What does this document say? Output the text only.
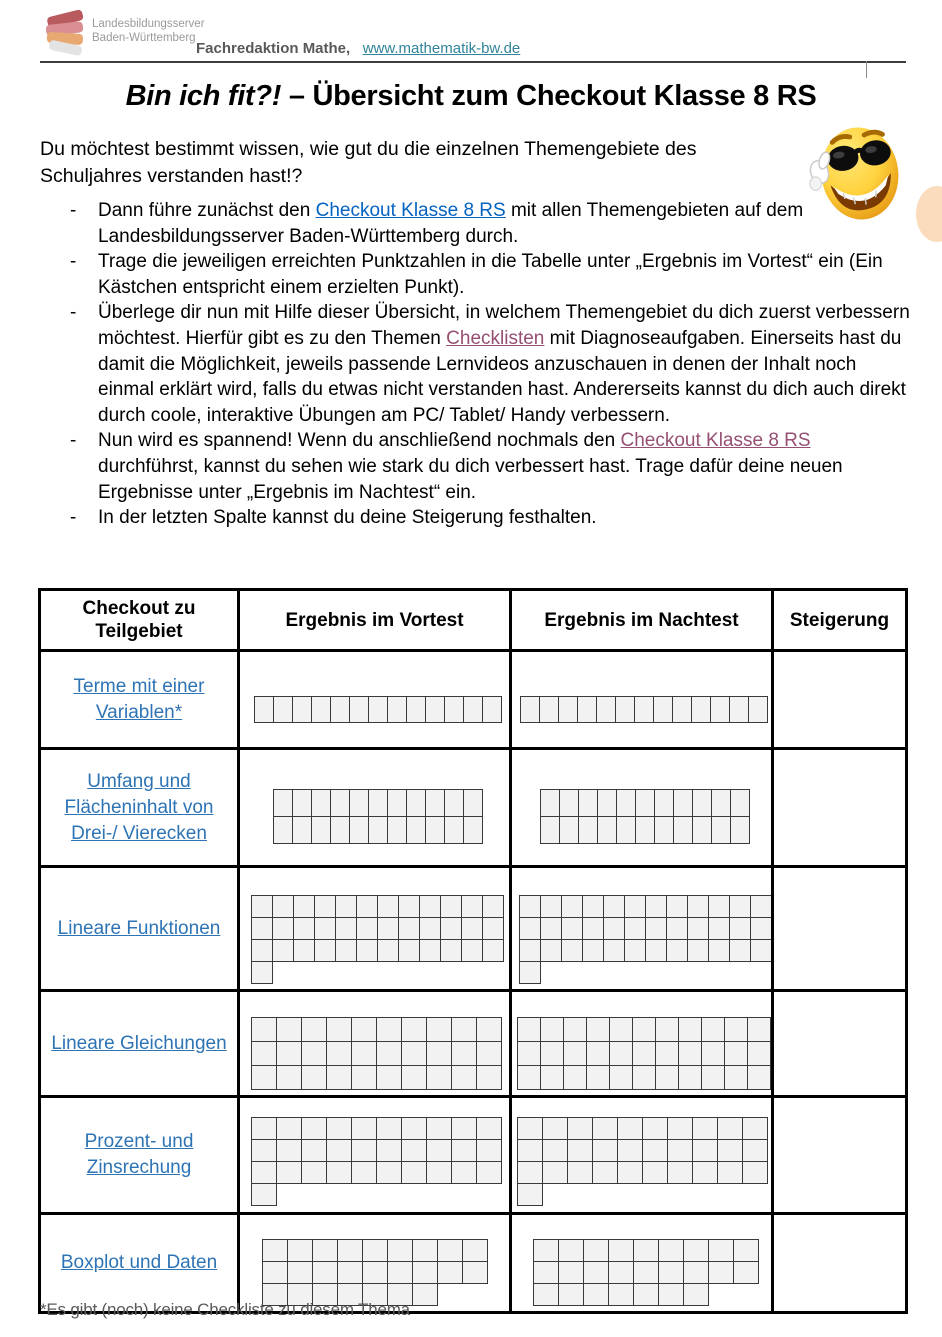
Landesbildungsserver
Baden-Württemberg
Fachredaktion Mathe, www.mathematik-bw.de
Bin ich fit?! – Übersicht zum Checkout Klasse 8 RS
Du möchtest bestimmt wissen, wie gut du die einzelnen Themengebiete des Schuljahres verstanden hast!?
- Dann führe zunächst den Checkout Klasse 8 RS mit allen Themengebieten auf dem Landesbildungsserver Baden-Württemberg durch.
- Trage die jeweiligen erreichten Punktzahlen in die Tabelle unter „Ergebnis im Vortest“ ein (Ein Kästchen entspricht einem erzielten Punkt).
- Überlege dir nun mit Hilfe dieser Übersicht, in welchem Themengebiet du dich zuerst verbessern möchtest. Hierfür gibt es zu den Themen Checklisten mit Diagnoseaufgaben. Einerseits hast du damit die Möglichkeit, jeweils passende Lernvideos anzuschauen in denen der Inhalt noch einmal erklärt wird, falls du etwas nicht verstanden hast. Andererseits kannst du dich auch direkt durch coole, interaktive Übungen am PC/ Tablet/ Handy verbessern.
- Nun wird es spannend! Wenn du anschließend nochmals den Checkout Klasse 8 RS durchführst, kannst du sehen wie stark du dich verbessert hast. Trage dafür deine neuen Ergebnisse unter „Ergebnis im Nachtest“ ein.
- In der letzten Spalte kannst du deine Steigerung festhalten.
Checkout zu Teilgebiet	Ergebnis im Vortest	Ergebnis im Nachtest	Steigerung
Terme mit einer Variablen*	

Umfang und Flächeninhalt von Drei-/ Vierecken	

Lineare Funktionen	

Lineare Gleichungen	

Prozent- und Zinsrechung	

Boxplot und Daten	

*Es gibt (noch) keine Checkliste zu diesem Thema
